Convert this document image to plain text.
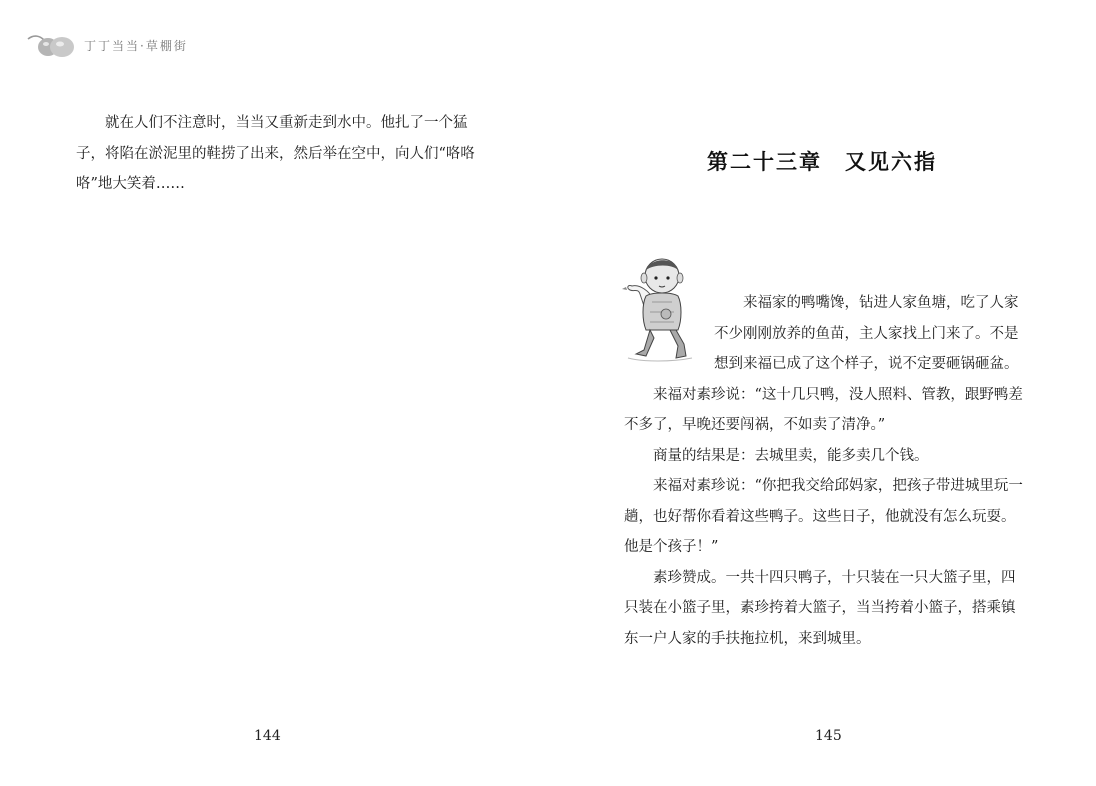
丁丁当当·草棚街

就在人们不注意时，当当又重新走到水中。他扎了一个猛子，将陷在淤泥里的鞋捞了出来，然后举在空中，向人们“咯咯咯”地大笑着……

144
第二十三章　又见六指

来福家的鸭嘴馋，钻进人家鱼塘，吃了人家不少刚刚放养的鱼苗，主人家找上门来了。不是想到来福已成了这个样子，说不定要砸锅砸盆。

来福对素珍说：“这十几只鸭，没人照料、管教，跟野鸭差不多了，早晚还要闯祸，不如卖了清净。”

商量的结果是：去城里卖，能多卖几个钱。

来福对素珍说：“你把我交给邱妈家，把孩子带进城里玩一趟，也好帮你看着这些鸭子。这些日子，他就没有怎么玩耍。他是个孩子！”

素珍赞成。一共十四只鸭子，十只装在一只大篮子里，四只装在小篮子里，素珍挎着大篮子，当当挎着小篮子，搭乘镇东一户人家的手扶拖拉机，来到城里。

145
